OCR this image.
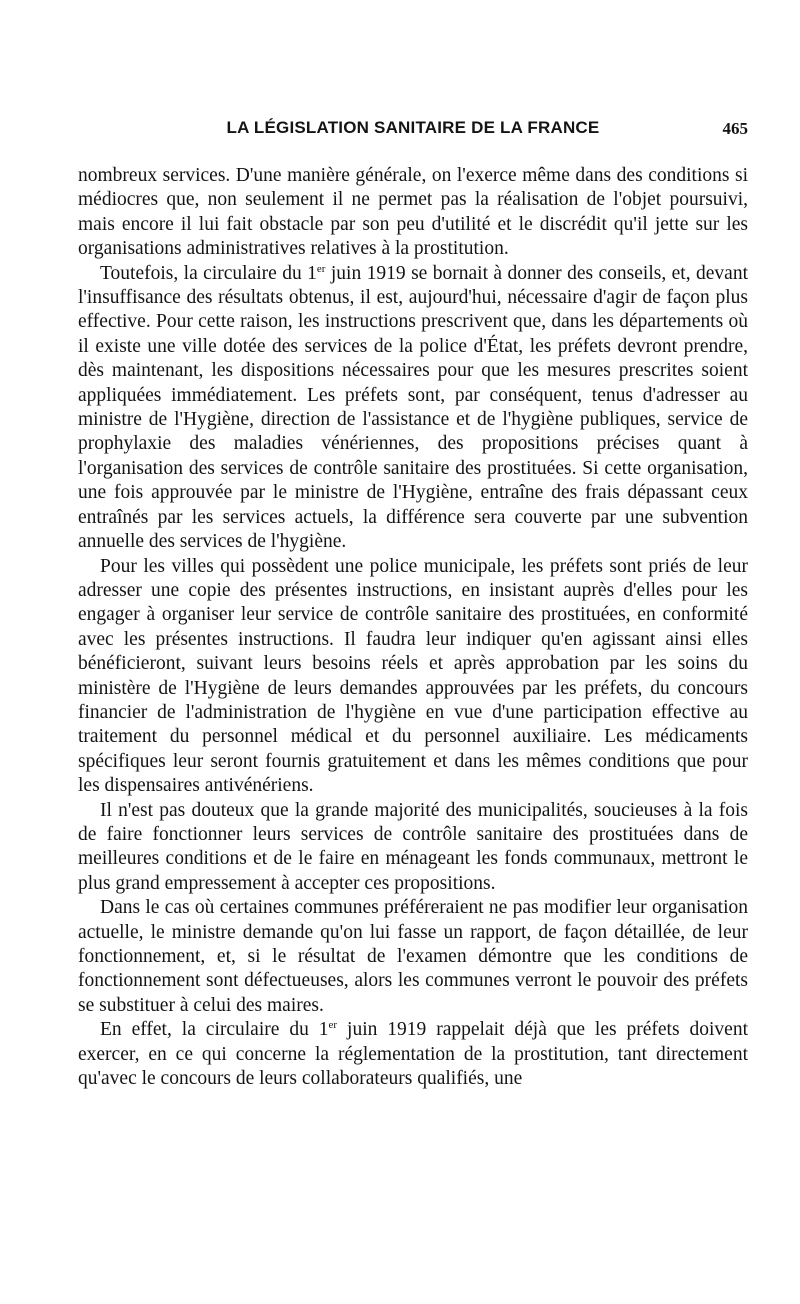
LA LÉGISLATION SANITAIRE DE LA FRANCE	465

nombreux services. D'une manière générale, on l'exerce même dans des conditions si médiocres que, non seulement il ne permet pas la réalisation de l'objet poursuivi, mais encore il lui fait obstacle par son peu d'utilité et le discrédit qu'il jette sur les organisations administratives relatives à la prostitution.

Toutefois, la circulaire du 1er juin 1919 se bornait à donner des conseils, et, devant l'insuffisance des résultats obtenus, il est, aujourd'hui, nécessaire d'agir de façon plus effective. Pour cette raison, les instructions prescrivent que, dans les départements où il existe une ville dotée des services de la police d'État, les préfets devront prendre, dès maintenant, les dispositions nécessaires pour que les mesures prescrites soient appliquées immédiatement. Les préfets sont, par conséquent, tenus d'adresser au ministre de l'Hygiène, direction de l'assistance et de l'hygiène publiques, service de prophylaxie des maladies vénériennes, des propositions précises quant à l'organisation des services de contrôle sanitaire des prostituées. Si cette organisation, une fois approuvée par le ministre de l'Hygiène, entraîne des frais dépassant ceux entraînés par les services actuels, la différence sera couverte par une subvention annuelle des services de l'hygiène.

Pour les villes qui possèdent une police municipale, les préfets sont priés de leur adresser une copie des présentes instructions, en insistant auprès d'elles pour les engager à organiser leur service de contrôle sanitaire des prostituées, en conformité avec les présentes instructions. Il faudra leur indiquer qu'en agissant ainsi elles bénéficieront, suivant leurs besoins réels et après approbation par les soins du ministère de l'Hygiène de leurs demandes approuvées par les préfets, du concours financier de l'administration de l'hygiène en vue d'une participation effective au traitement du personnel médical et du personnel auxiliaire. Les médicaments spécifiques leur seront fournis gratuitement et dans les mêmes conditions que pour les dispensaires antivénériens.

Il n'est pas douteux que la grande majorité des municipalités, soucieuses à la fois de faire fonctionner leurs services de contrôle sanitaire des prostituées dans de meilleures conditions et de le faire en ménageant les fonds communaux, mettront le plus grand empressement à accepter ces propositions.

Dans le cas où certaines communes préféreraient ne pas modifier leur organisation actuelle, le ministre demande qu'on lui fasse un rapport, de façon détaillée, de leur fonctionnement, et, si le résultat de l'examen démontre que les conditions de fonctionnement sont défectueuses, alors les communes verront le pouvoir des préfets se substituer à celui des maires.

En effet, la circulaire du 1er juin 1919 rappelait déjà que les préfets doivent exercer, en ce qui concerne la réglementation de la prostitution, tant directement qu'avec le concours de leurs collaborateurs qualifiés, une
